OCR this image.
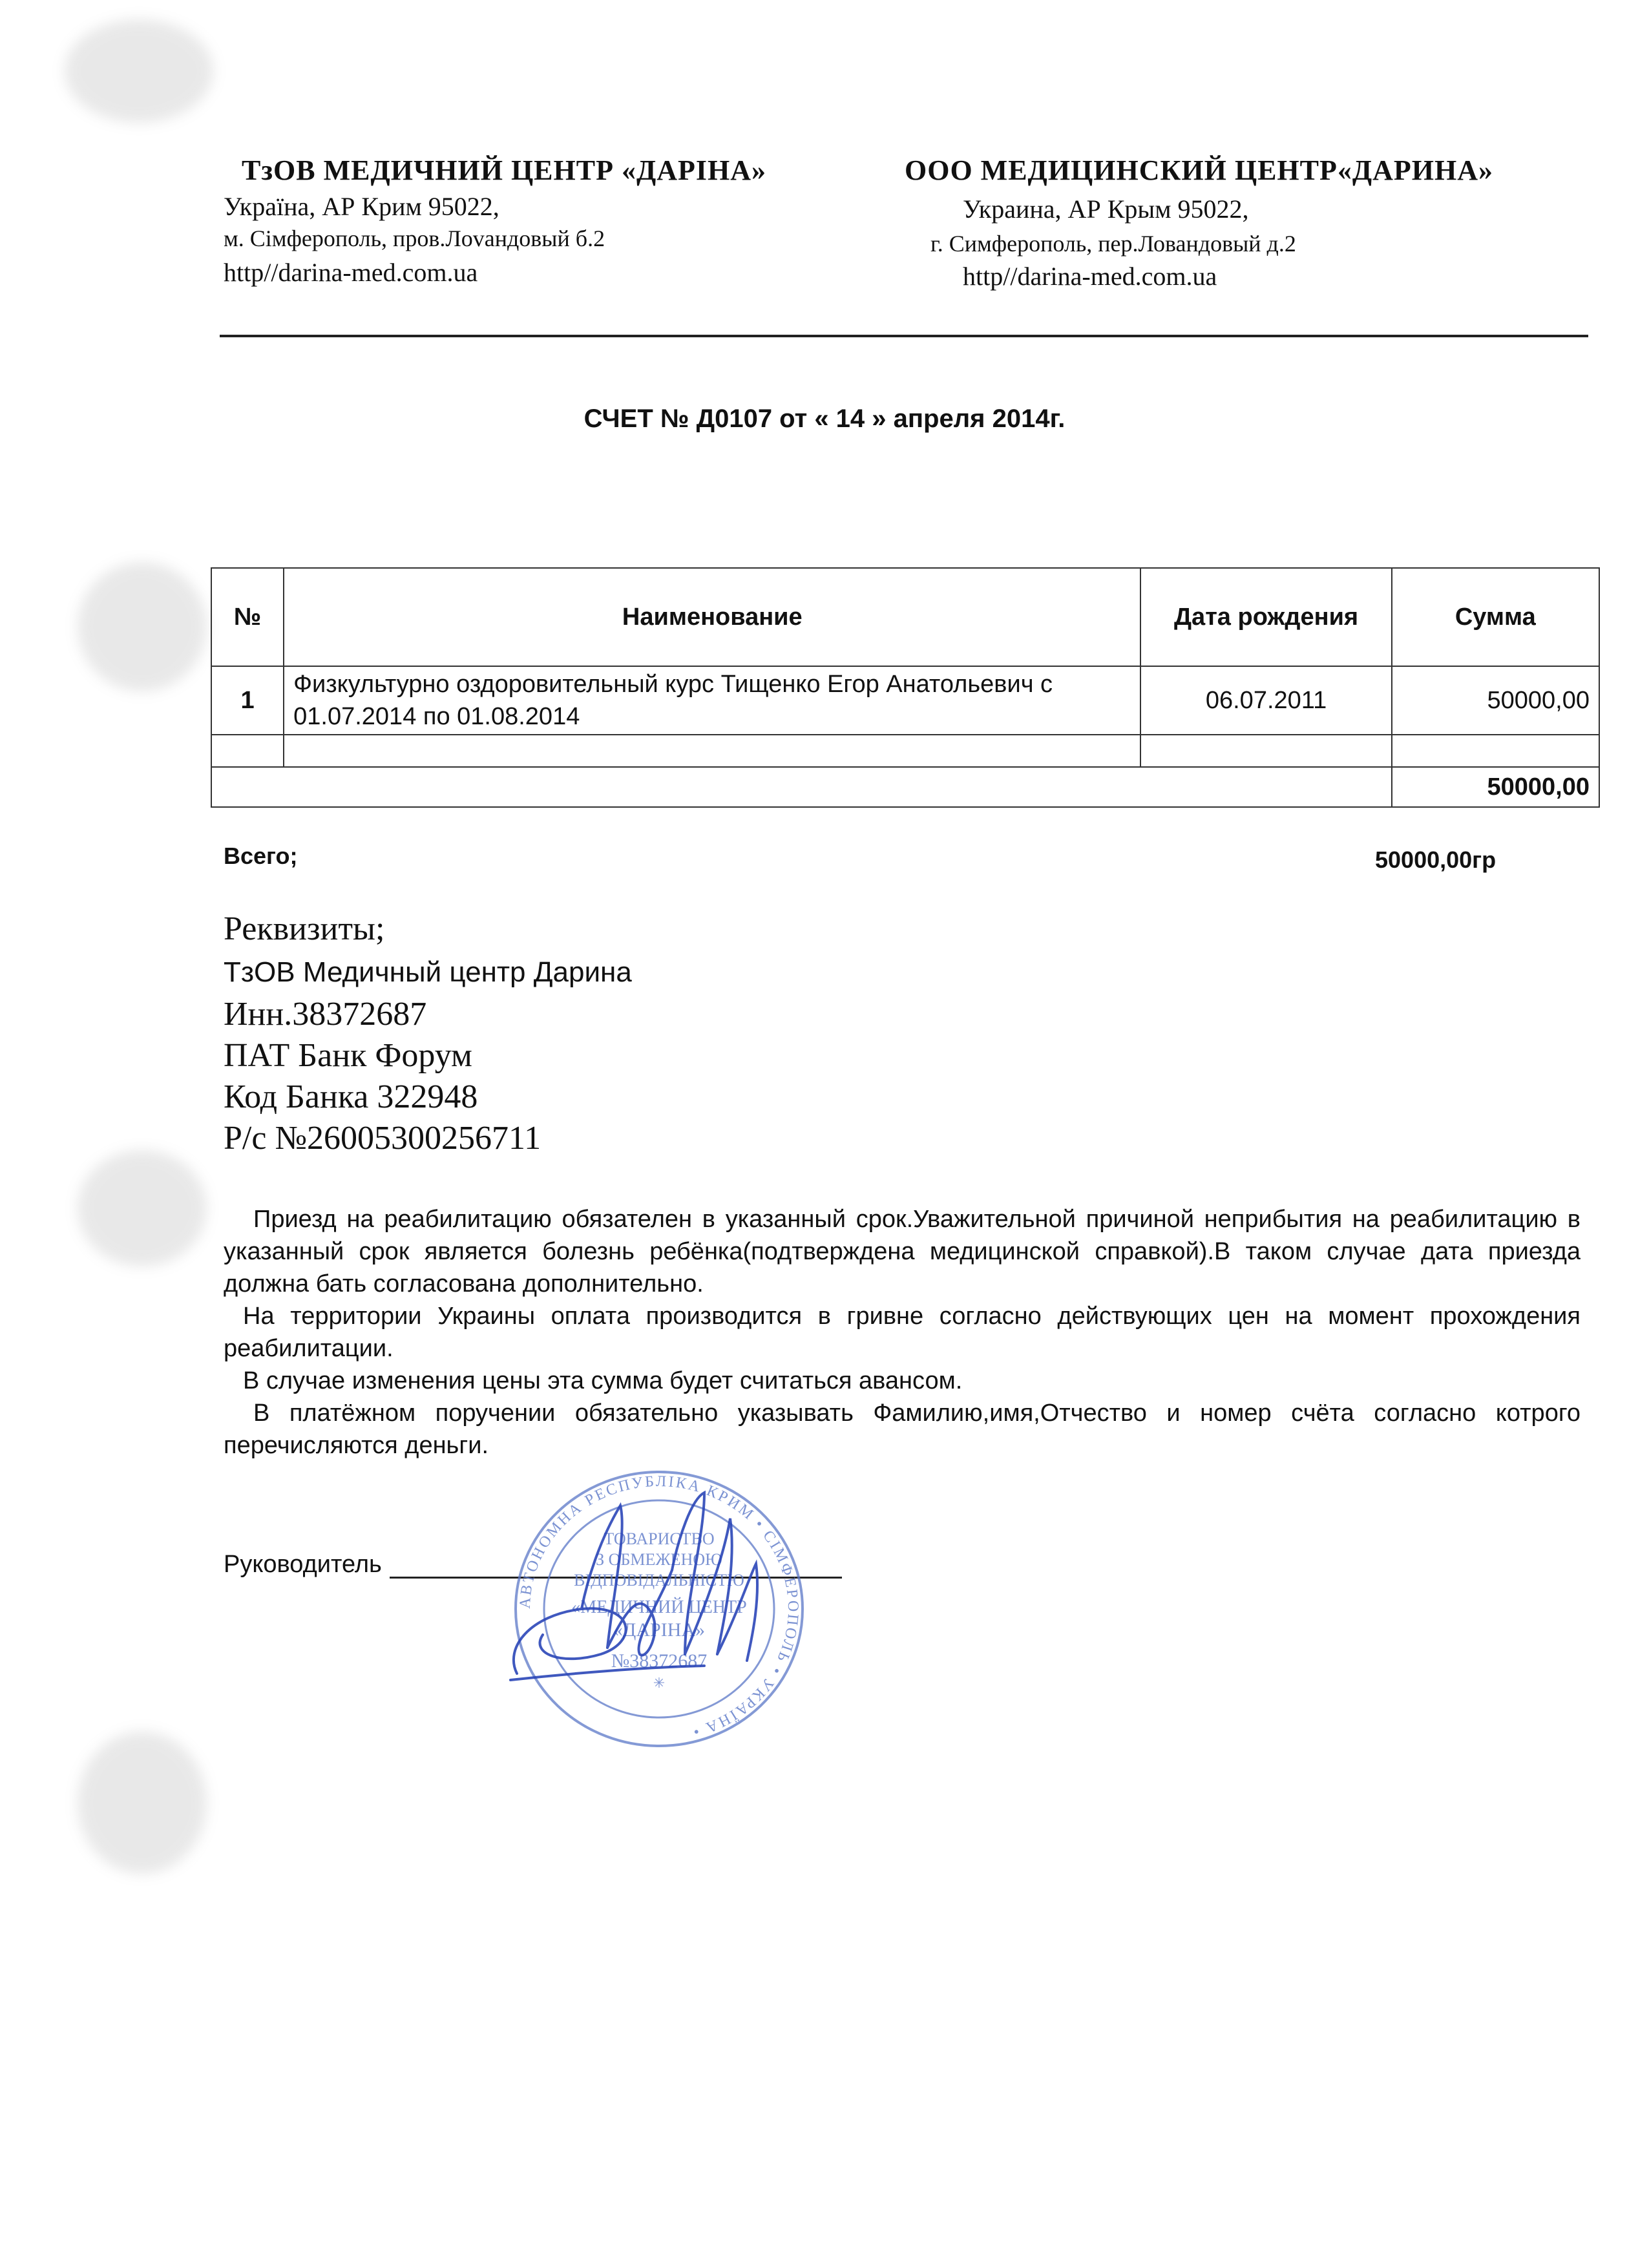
ТзОВ МЕДИЧНИЙ ЦЕНТР «ДАРІНА»
Україна, АР Крим 95022,
м. Сімферополь, пров.Лovaндовый б.2
http//darina-med.com.ua
ООО МЕДИЦИНСКИЙ ЦЕНТР«ДАРИНА»
Украина, АР Крым 95022,
г. Симферополь, пер.Ловандовый д.2
http//darina-med.com.ua
СЧЕТ № Д0107 от « 14 » апреля 2014г.
№	Наименование	Дата рождения	Сумма
1	Физкультурно оздоровительный курс Тищенко Егор Анатольевич с 01.07.2014 по 01.08.2014	06.07.2011	50000,00

			50000,00
Всего;	50000,00гр
Реквизиты;
ТзОВ Медичный центр Дарина
Инн.38372687
ПАТ Банк Форум
Код Банка 322948
Р/с №26005300256711

Приезд на реабилитацию обязателен в указанный срок.Уважительной причиной неприбытия на реабилитацию в указанный срок является болезнь ребёнка(подтверждена медицинской справкой).В таком случае дата приезда должна бать согласована дополнительно.

На территории Украины оплата производится в гривне согласно действующих цен на момент прохождения реабилитации.

В случае изменения цены эта сумма будет считаться авансом.

В платёжном поручении обязательно указывать Фамилию,имя,Отчество и номер счёта согласно котрого перечисляются деньги.

Руководитель
АВТОНОМНА РЕСПУБЛІКА КРИМ • СІМФЕРОПОЛЬ • УКРАЇНА •
ТОВАРИСТВО
З ОБМЕЖЕНОЮ
ВІДПОВІДАЛЬНІСТЮ
«МЕДИЧНИЙ ЦЕНТР
«ДАРІНА»
№38372687
✳
